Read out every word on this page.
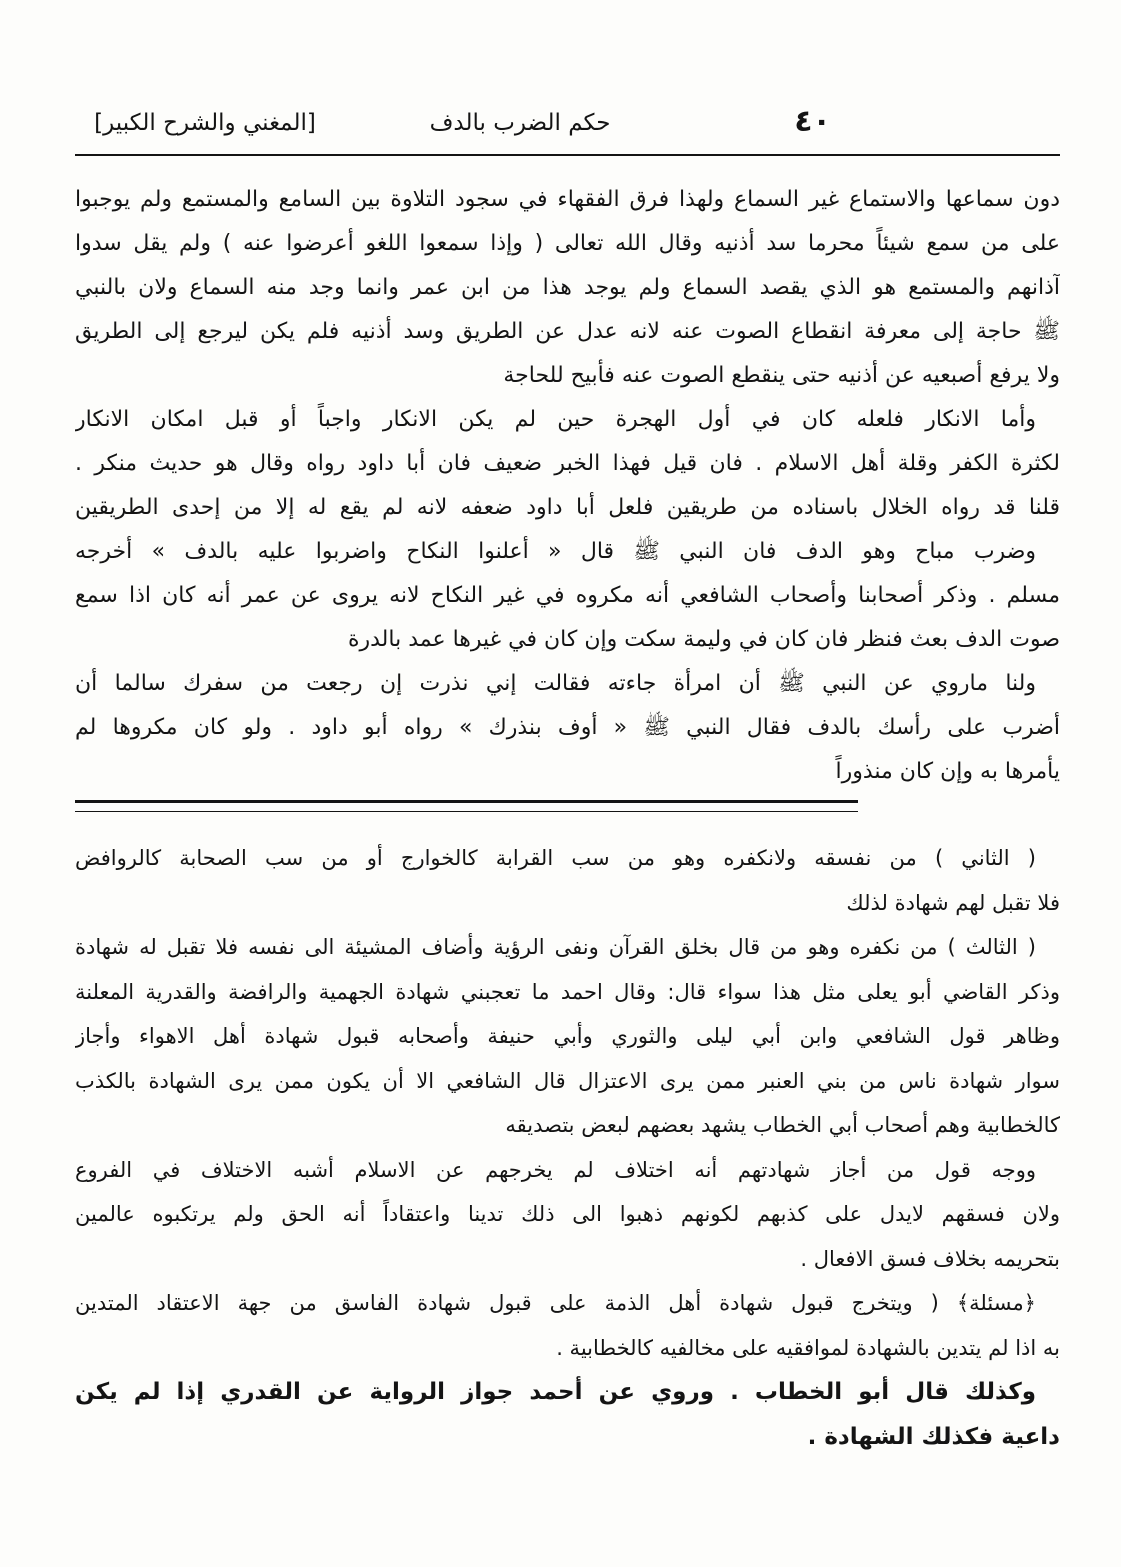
٤٠
حكم الضرب بالدف
[المغني والشرح الكبير]
دون سماعها والاستماع غير السماع ولهذا فرق الفقهاء في سجود التلاوة بين السامع والمستمع ولم يوجبوا
على من سمع شيئاً محرما سد أذنيه وقال الله تعالى ( وإذا سمعوا اللغو أعرضوا عنه ) ولم يقل سدوا
آذانهم والمستمع هو الذي يقصد السماع ولم يوجد هذا من ابن عمر وانما وجد منه السماع ولان بالنبي
ﷺ حاجة إلى معرفة انقطاع الصوت عنه لانه عدل عن الطريق وسد أذنيه فلم يكن ليرجع إلى الطريق
ولا يرفع أصبعيه عن أذنيه حتى ينقطع الصوت عنه فأبيح للحاجة
وأما الانكار فلعله كان في أول الهجرة حين لم يكن الانكار واجباً أو قبل امكان الانكار
لكثرة الكفر وقلة أهل الاسلام . فان قيل فهذا الخبر ضعيف فان أبا داود رواه وقال هو حديث منكر .
قلنا قد رواه الخلال باسناده من طريقين فلعل أبا داود ضعفه لانه لم يقع له إلا من إحدى الطريقين
وضرب مباح وهو الدف فان النبي ﷺ قال « أعلنوا النكاح واضربوا عليه بالدف » أخرجه
مسلم . وذكر أصحابنا وأصحاب الشافعي أنه مكروه في غير النكاح لانه يروى عن عمر أنه كان اذا سمع
صوت الدف بعث فنظر فان كان في وليمة سكت وإن كان في غيرها عمد بالدرة
ولنا ماروي عن النبي ﷺ أن امرأة جاءته فقالت إني نذرت إن رجعت من سفرك سالما أن
أضرب على رأسك بالدف فقال النبي ﷺ « أوف بنذرك » رواه أبو داود . ولو كان مكروها لم
يأمرها به وإن كان منذوراً
( الثاني ) من نفسقه ولانكفره وهو من سب القرابة كالخوارج أو من سب الصحابة كالروافض
فلا تقبل لهم شهادة لذلك
( الثالث ) من نكفره وهو من قال بخلق القرآن ونفى الرؤية وأضاف المشيئة الى نفسه فلا تقبل له شهادة
وذكر القاضي أبو يعلى مثل هذا سواء قال: وقال احمد ما تعجبني شهادة الجهمية والرافضة والقدرية المعلنة
وظاهر قول الشافعي وابن أبي ليلى والثوري وأبي حنيفة وأصحابه قبول شهادة أهل الاهواء وأجاز
سوار شهادة ناس من بني العنبر ممن يرى الاعتزال قال الشافعي الا أن يكون ممن يرى الشهادة بالكذب
كالخطابية وهم أصحاب أبي الخطاب يشهد بعضهم لبعض بتصديقه
ووجه قول من أجاز شهادتهم أنه اختلاف لم يخرجهم عن الاسلام أشبه الاختلاف في الفروع
ولان فسقهم لايدل على كذبهم لكونهم ذهبوا الى ذلك تدينا واعتقاداً أنه الحق ولم يرتكبوه عالمين
بتحريمه بخلاف فسق الافعال .
﴿مسئلة﴾ ( ويتخرج قبول شهادة أهل الذمة على قبول شهادة الفاسق من جهة الاعتقاد المتدين
به اذا لم يتدين بالشهادة لموافقيه على مخالفيه كالخطابية .
وكذلك قال أبو الخطاب . وروي عن أحمد جواز الرواية عن القدري إذا لم يكن
داعية فكذلك الشهادة .
